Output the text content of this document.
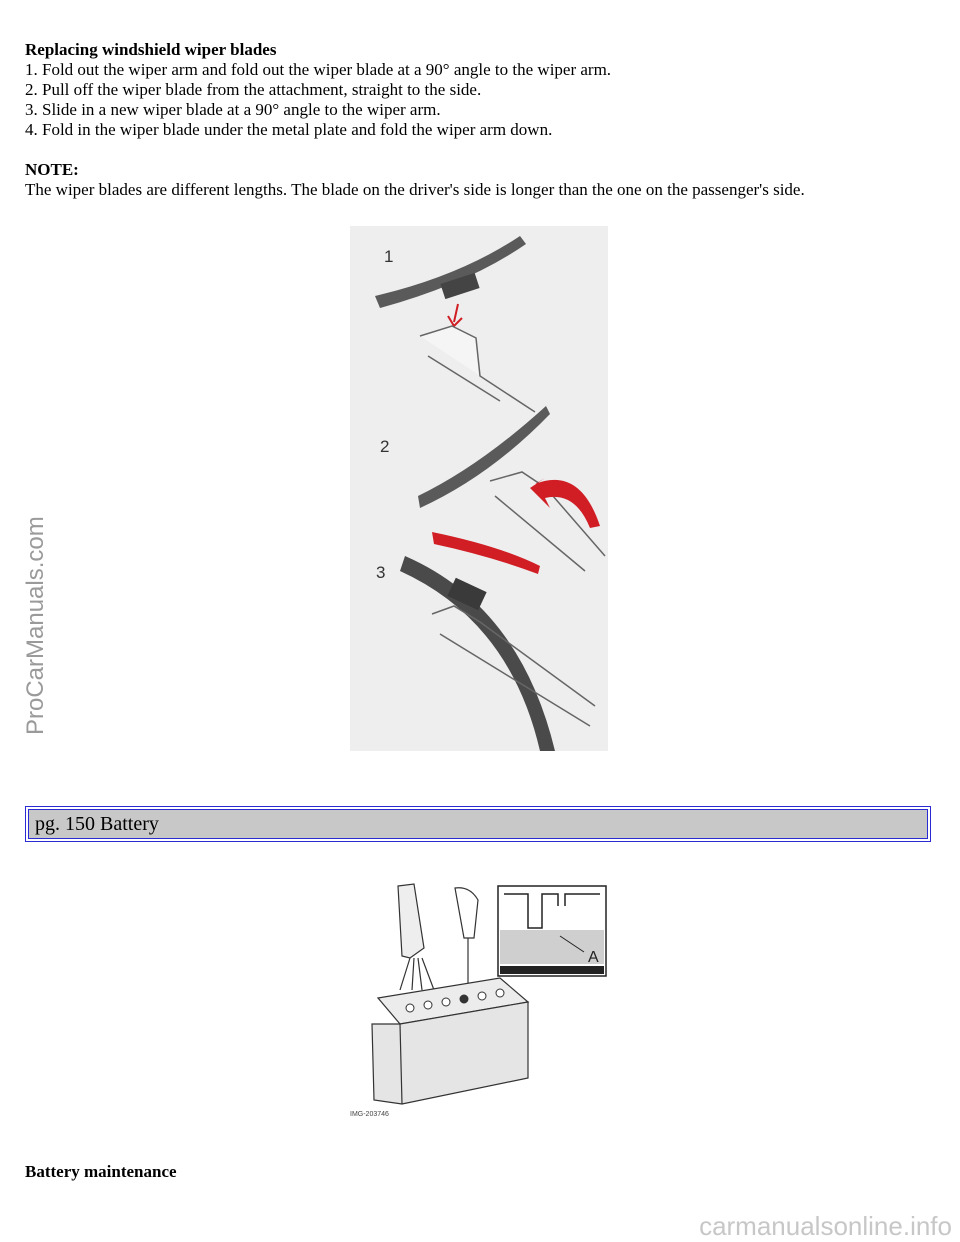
Replacing windshield wiper blades

1. Fold out the wiper arm and fold out the wiper blade at a 90° angle to the wiper arm.

2. Pull off the wiper blade from the attachment, straight to the side.

3. Slide in a new wiper blade at a 90° angle to the wiper arm.

4. Fold in the wiper blade under the metal plate and fold the wiper arm down.

NOTE:

The wiper blades are different lengths. The blade on the driver's side is longer than the one on the passenger's side.

ProCarManuals.com
1
2
3
pg. 150 Battery
A
IMG-203746

Battery maintenance

carmanualsonline.info
